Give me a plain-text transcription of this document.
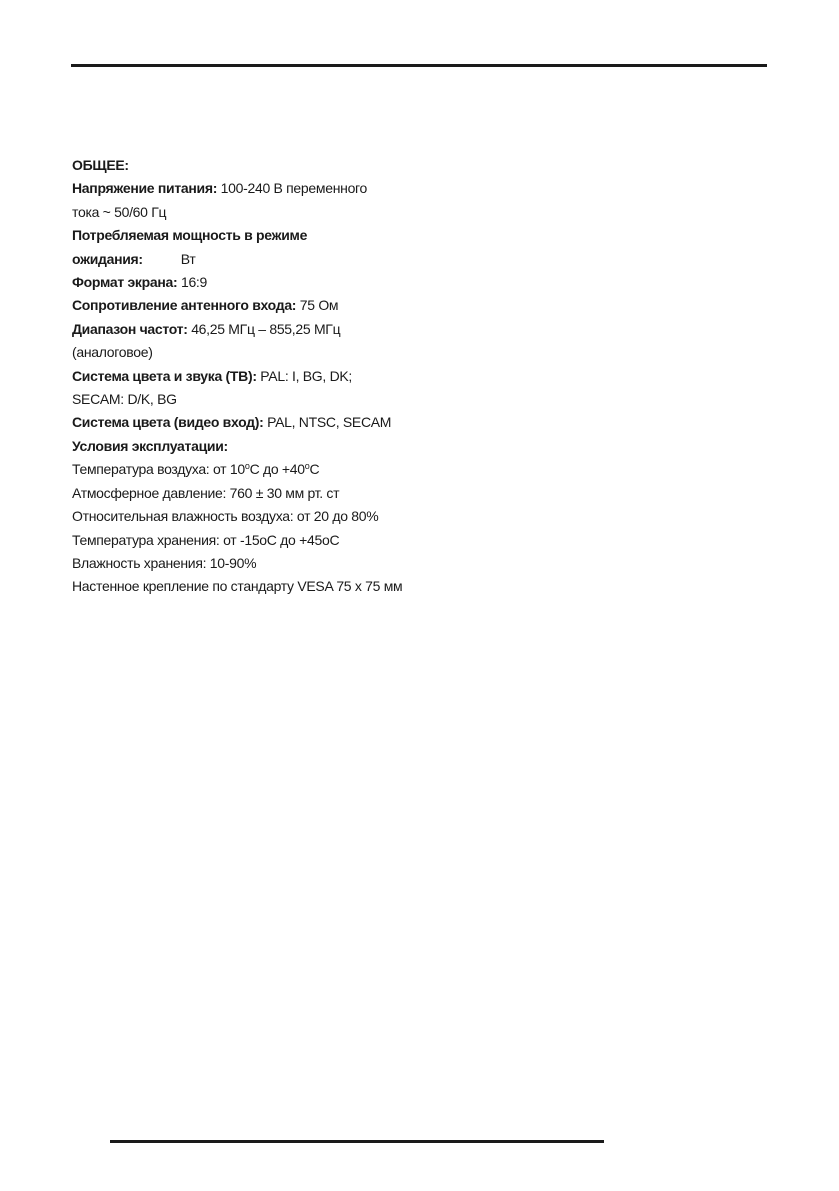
ОБЩЕЕ:
Напряжение питания: 100-240 В переменного
тока ~ 50/60 Гц
Потребляемая мощность в режиме
ожидания:	Вт
Формат экрана: 16:9
Сопротивление антенного входа: 75 Ом
Диапазон частот: 46,25 МГц – 855,25 МГц
(аналоговое)
Система цвета и звука (ТВ): PAL: I, BG, DK;
SECAM: D/K, BG
Система цвета (видео вход): PAL, NTSC, SECAM
Условия эксплуатации:
Температура воздуха: от $10^оС$ до $+40^оС$
Атмосферное давление: 760 ± 30 мм рт. ст
Относительная влажность воздуха: от 20 до 80%
Температура хранения: от -15оС до +45оС
Влажность хранения: 10-90%
Настенное крепление по стандарту VESA 75 х 75 мм
